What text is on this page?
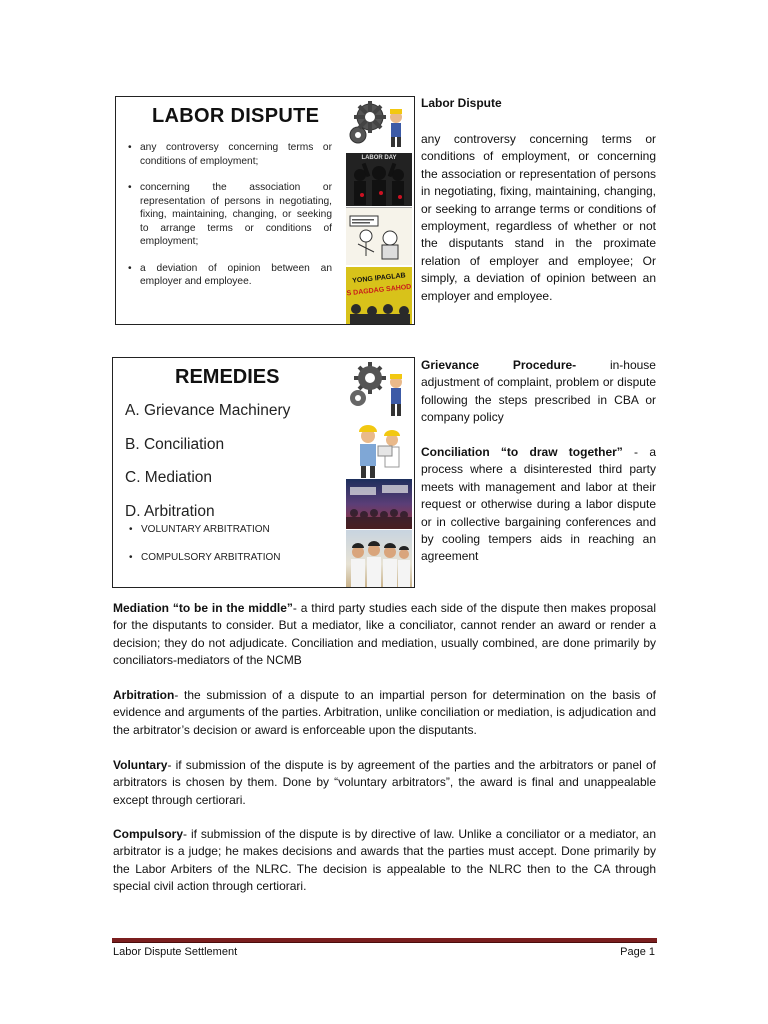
LABOR DISPUTE
• any controversy concerning terms or conditions of employment;
• concerning the association or representation of persons in negotiating, fixing, maintaining, changing, or seeking to arrange terms or conditions of employment;
• a deviation of opinion between an employer and employee.
LABOR DAY
YONG IPAGLAB
S DAGDAG SAHOD
REMEDIES
A. Grievance Machinery
B. Conciliation
C. Mediation
D. Arbitration
• VOLUNTARY ARBITRATION
• COMPULSORY ARBITRATION
Labor Dispute
any controversy concerning terms or conditions of employment, or concerning the association or representation of persons in negotiating, fixing, maintaining, changing, or seeking to arrange terms or conditions of employment, regardless of whether or not the disputants stand in the proximate relation of employer and employee; Or simply, a deviation of opinion between an employer and employee.
Grievance Procedure- in-house adjustment of complaint, problem or dispute following the steps prescribed in CBA or company policy
Conciliation “to draw together” - a process where a disinterested third party meets with management and labor at their request or otherwise during a labor dispute or in collective bargaining conferences and by cooling tempers aids in reaching an agreement
Mediation “to be in the middle”- a third party studies each side of the dispute then makes proposal for the disputants to consider. But a mediator, like a conciliator, cannot render an award or render a decision; they do not adjudicate. Conciliation and mediation, usually combined, are done primarily by conciliators-mediators of the NCMB
Arbitration- the submission of a dispute to an impartial person for determination on the basis of evidence and arguments of the parties. Arbitration, unlike conciliation or mediation, is adjudication and the arbitrator’s decision or award is enforceable upon the disputants.
Voluntary- if submission of the dispute is by agreement of the parties and the arbitrators or panel of arbitrators is chosen by them. Done by “voluntary arbitrators”, the award is final and unappealable except through certiorari.
Compulsory- if submission of the dispute is by directive of law. Unlike a conciliator or a mediator, an arbitrator is a judge; he makes decisions and awards that the parties must accept. Done primarily by the Labor Arbiters of the NLRC. The decision is appealable to the NLRC then to the CA through special civil action through certiorari.
Labor Dispute Settlement	Page 1
